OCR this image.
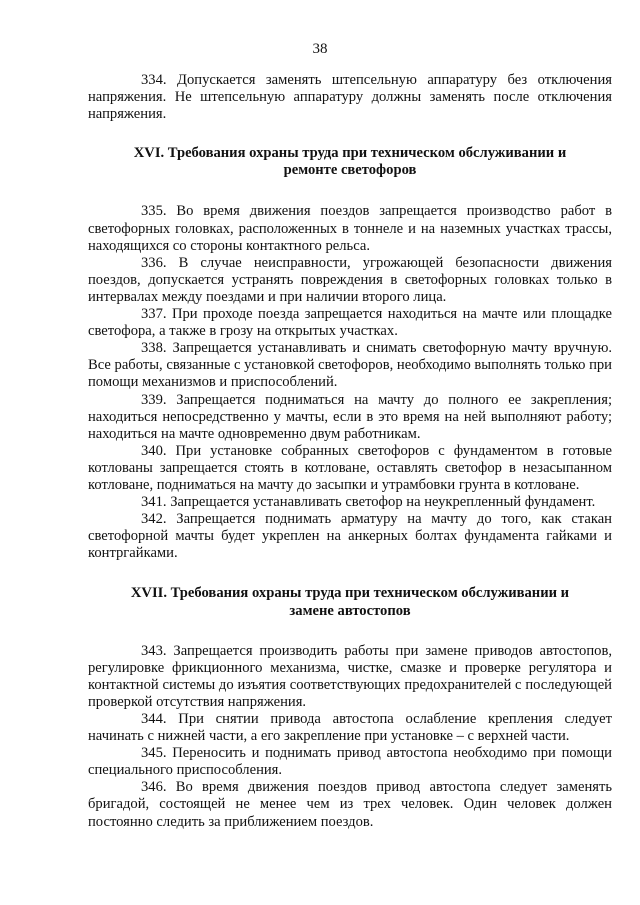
38

334. Допускается заменять штепсельную аппаратуру без отключения напряжения. Не штепсельную аппаратуру должны заменять после отключения напряжения.

XVI. Требования охраны труда при техническом обслуживании и ремонте светофоров

335. Во время движения поездов запрещается производство работ в светофорных головках, расположенных в тоннеле и на наземных участках трассы, находящихся со стороны контактного рельса.

336. В случае неисправности, угрожающей безопасности движения поездов, допускается устранять повреждения в светофорных головках только в интервалах между поездами и при наличии второго лица.

337. При проходе поезда запрещается находиться на мачте или площадке светофора, а также в грозу на открытых участках.

338. Запрещается устанавливать и снимать светофорную мачту вручную. Все работы, связанные с установкой светофоров, необходимо выполнять только при помощи механизмов и приспособлений.

339. Запрещается подниматься на мачту до полного ее закрепления; находиться непосредственно у мачты, если в это время на ней выполняют работу; находиться на мачте одновременно двум работникам.

340. При установке собранных светофоров с фундаментом в готовые котлованы запрещается стоять в котловане, оставлять светофор в незасыпанном котловане, подниматься на мачту до засыпки и утрамбовки грунта в котловане.

341. Запрещается устанавливать светофор на неукрепленный фундамент.

342. Запрещается поднимать арматуру на мачту до того, как стакан светофорной мачты будет укреплен на анкерных болтах фундамента гайками и контргайками.

XVII. Требования охраны труда при техническом обслуживании и замене автостопов

343. Запрещается производить работы при замене приводов автостопов, регулировке фрикционного механизма, чистке, смазке и проверке регулятора и контактной системы до изъятия соответствующих предохранителей с последующей проверкой отсутствия напряжения.

344. При снятии привода автостопа ослабление крепления следует начинать с нижней части, а его закрепление при установке – с верхней части.

345. Переносить и поднимать привод автостопа необходимо при помощи специального приспособления.

346. Во время движения поездов привод автостопа следует заменять бригадой, состоящей не менее чем из трех человек. Один человек должен постоянно следить за приближением поездов.
